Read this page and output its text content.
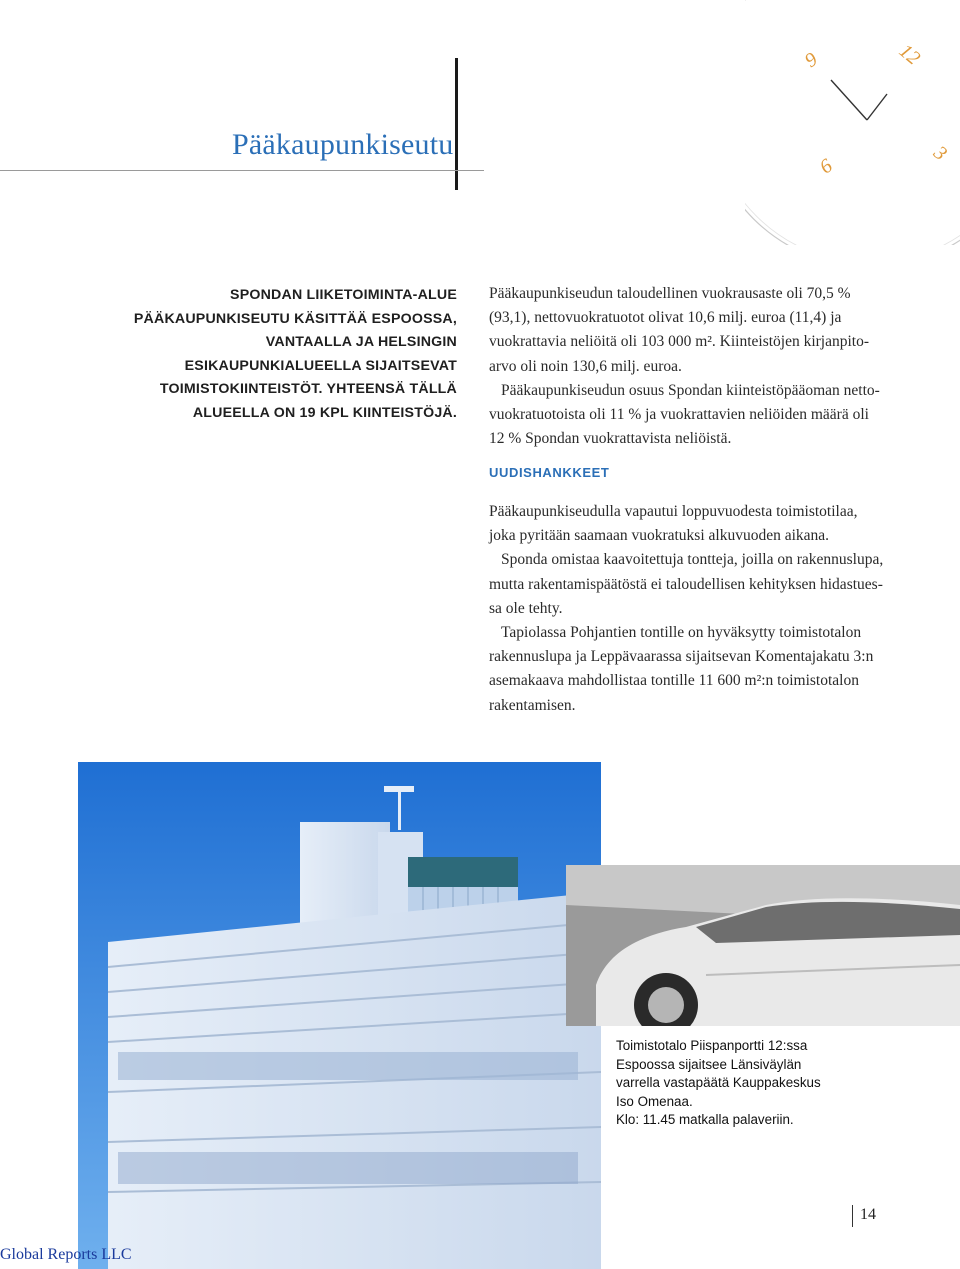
Pääkaupunkiseutu
9	12
6
3
SPONDAN LIIKETOIMINTA-ALUE
PÄÄKAUPUNKISEUTU KÄSITTÄÄ ESPOOSSA,
VANTAALLA JA HELSINGIN
ESIKAUPUNKIALUEELLA SIJAITSEVAT
TOIMISTOKIINTEISTÖT. YHTEENSÄ TÄLLÄ
ALUEELLA ON 19 KPL KIINTEISTÖJÄ.
Pääkaupunkiseudun taloudellinen vuokrausaste oli 70,5 %
(93,1), nettovuokratuotot olivat 10,6 milj. euroa (11,4) ja
vuokrattavia neliöitä oli 103 000 m². Kiinteistöjen kirjanpito-
arvo oli noin 130,6 milj. euroa.
Pääkaupunkiseudun osuus Spondan kiinteistöpääoman netto-
vuokratuotoista oli 11 % ja vuokrattavien neliöiden määrä oli
12 % Spondan vuokrattavista neliöistä.
UUDISHANKKEET
Pääkaupunkiseudulla vapautui loppuvuodesta toimistotilaa,
joka pyritään saamaan vuokratuksi alkuvuoden aikana.
Sponda omistaa kaavoitettuja tontteja, joilla on rakennuslupa,
mutta rakentamispäätöstä ei taloudellisen kehityksen hidastues-
sa ole tehty.
Tapiolassa Pohjantien tontille on hyväksytty toimistotalon
rakennuslupa ja Leppävaarassa sijaitsevan Komentajakatu 3:n
asemakaava mahdollistaa tontille 11 600 m²:n toimistotalon
rakentamisen.
Toimistotalo Piispanportti 12:ssa
Espoossa sijaitsee Länsiväylän
varrella vastapäätä Kauppakeskus
Iso Omenaa.
Klo: 11.45 matkalla palaveriin.
14
Global Reports LLC
